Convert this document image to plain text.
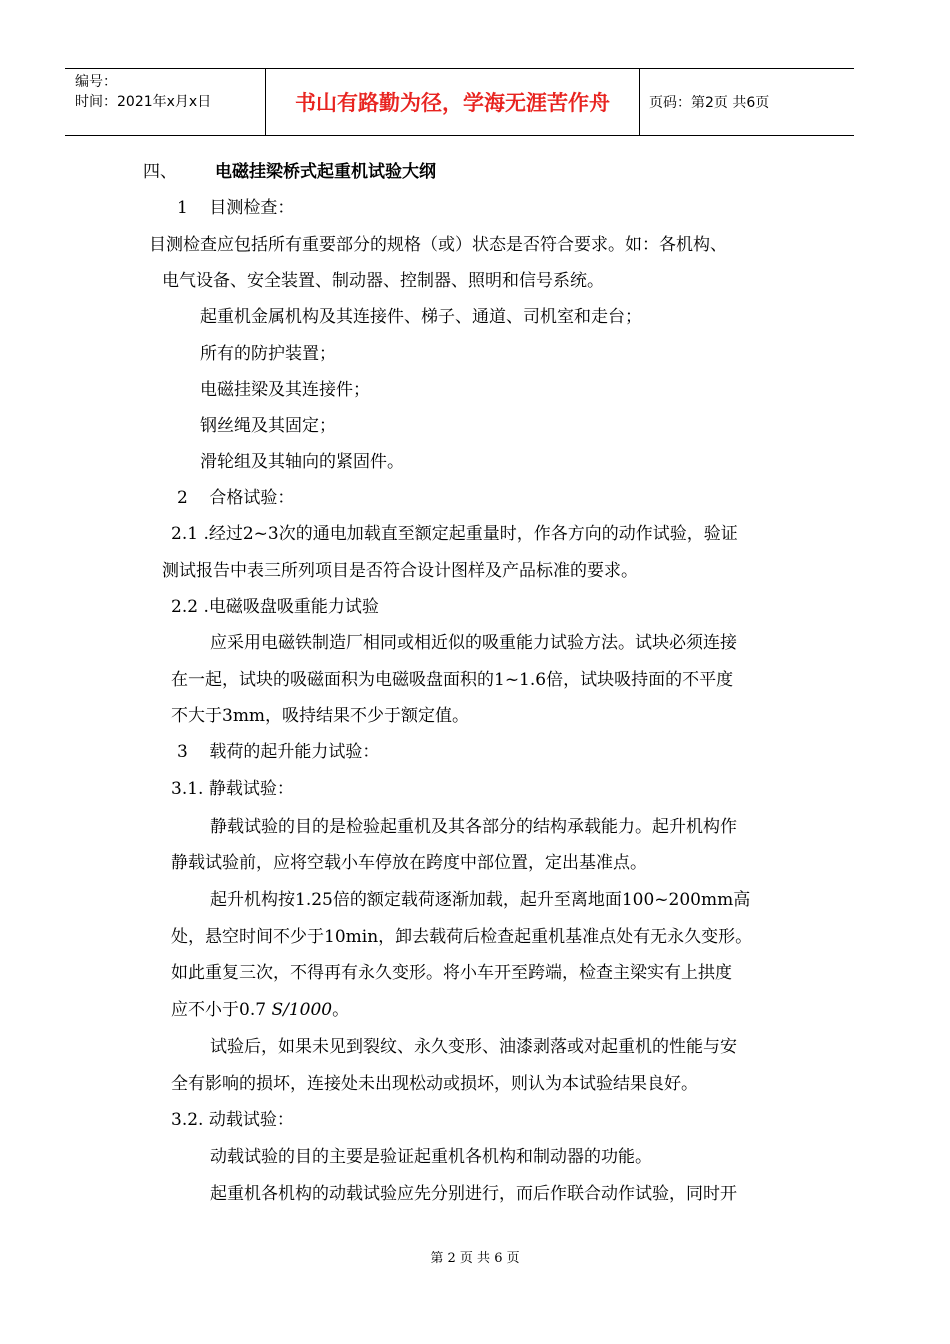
编号：
时间：2021年x月x日	书山有路勤为径，学海无涯苦作舟	页码：第2页 共6页
四、 电磁挂梁桥式起重机试验大纲
1    目测检查：
目测检查应包括所有重要部分的规格（或）状态是否符合要求。如：各机构、
电气设备、安全装置、制动器、控制器、照明和信号系统。
起重机金属机构及其连接件、梯子、通道、司机室和走台；
所有的防护装置；
电磁挂梁及其连接件；
钢丝绳及其固定；
滑轮组及其轴向的紧固件。
2    合格试验：
2.1 .经过2~3次的通电加载直至额定起重量时，作各方向的动作试验，验证
测试报告中表三所列项目是否符合设计图样及产品标准的要求。
2.2 .电磁吸盘吸重能力试验
应采用电磁铁制造厂相同或相近似的吸重能力试验方法。试块必须连接
在一起，试块的吸磁面积为电磁吸盘面积的1~1.6倍，试块吸持面的不平度
不大于3mm，吸持结果不少于额定值。
3    载荷的起升能力试验：
3.1. 静载试验：
静载试验的目的是检验起重机及其各部分的结构承载能力。起升机构作
静载试验前，应将空载小车停放在跨度中部位置，定出基准点。
起升机构按1.25倍的额定载荷逐渐加载，起升至离地面100~200mm高
处，悬空时间不少于10min，卸去载荷后检查起重机基准点处有无永久变形。
如此重复三次，不得再有永久变形。将小车开至跨端，检查主梁实有上拱度
应不小于0.7 S/1000。
试验后，如果未见到裂纹、永久变形、油漆剥落或对起重机的性能与安
全有影响的损坏，连接处未出现松动或损坏，则认为本试验结果良好。
3.2. 动载试验：
动载试验的目的主要是验证起重机各机构和制动器的功能。
起重机各机构的动载试验应先分别进行，而后作联合动作试验，同时开
第 2 页 共 6 页
